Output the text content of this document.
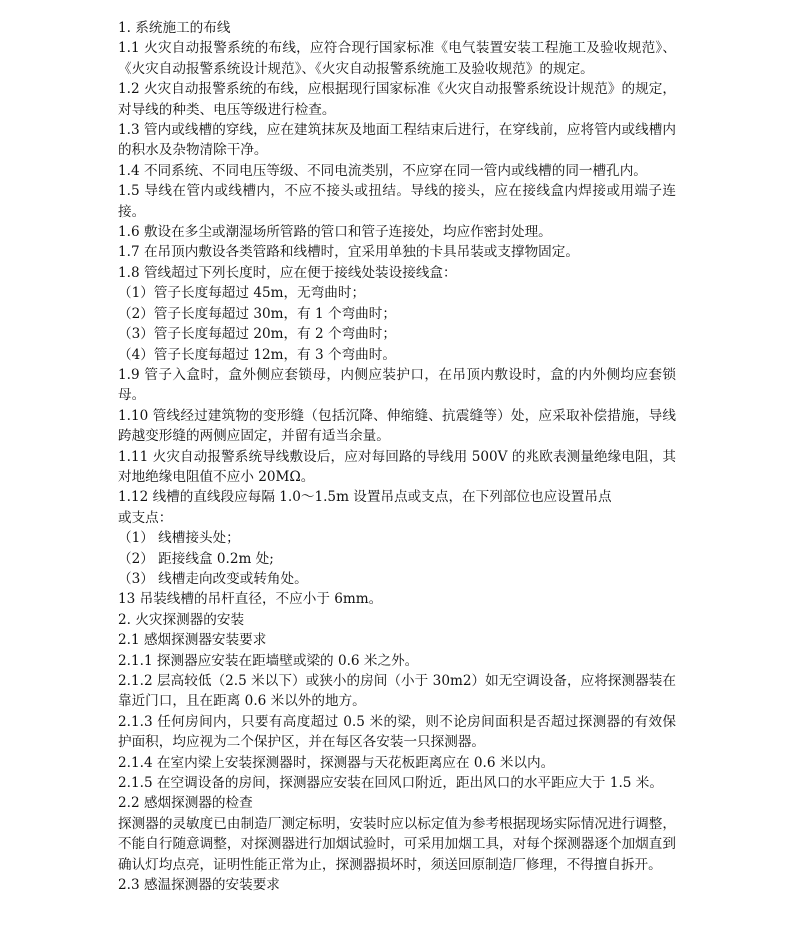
1. 系统施工的布线

1.1 火灾自动报警系统的布线，应符合现行国家标准《电气装置安装工程施工及验收规范》、《火灾自动报警系统设计规范》、《火灾自动报警系统施工及验收规范》的规定。

1.2 火灾自动报警系统的布线，应根据现行国家标准《火灾自动报警系统设计规范》的规定，对导线的种类、电压等级进行检查。

1.3 管内或线槽的穿线，应在建筑抹灰及地面工程结束后进行，在穿线前，应将管内或线槽内的积水及杂物清除干净。

1.4 不同系统、不同电压等级、不同电流类别，不应穿在同一管内或线槽的同一槽孔内。

1.5 导线在管内或线槽内，不应不接头或扭结。导线的接头，应在接线盒内焊接或用端子连接。

1.6 敷设在多尘或潮湿场所管路的管口和管子连接处，均应作密封处理。

1.7 在吊顶内敷设各类管路和线槽时，宜采用单独的卡具吊装或支撑物固定。

1.8 管线超过下列长度时，应在便于接线处装设接线盒：

（1）管子长度每超过 45m，无弯曲时；

（2）管子长度每超过 30m，有 1 个弯曲时；

（3）管子长度每超过 20m，有 2 个弯曲时；

（4）管子长度每超过 12m，有 3 个弯曲时。

1.9 管子入盒时，盒外侧应套锁母，内侧应装护口，在吊顶内敷设时，盒的内外侧均应套锁母。

1.10 管线经过建筑物的变形缝（包括沉降、伸缩缝、抗震缝等）处，应采取补偿措施，导线跨越变形缝的两侧应固定，并留有适当余量。

1.11 火灾自动报警系统导线敷设后，应对每回路的导线用 500V 的兆欧表测量绝缘电阻，其对地绝缘电阻值不应小 20MΩ。

1.12 线槽的直线段应每隔 1.0～1.5m 设置吊点或支点，在下列部位也应设置吊点

或支点：

（1） 线槽接头处；

（2） 距接线盒 0.2m 处;

（3） 线槽走向改变或转角处。

13 吊装线槽的吊杆直径，不应小于 6mm。

2. 火灾探测器的安装

2.1 感烟探测器安装要求

2.1.1 探测器应安装在距墙壁或梁的 0.6 米之外。

2.1.2 层高较低（2.5 米以下）或狭小的房间（小于 30m2）如无空调设备，应将探测器装在靠近门口，且在距离 0.6 米以外的地方。

2.1.3 任何房间内，只要有高度超过 0.5 米的梁，则不论房间面积是否超过探测器的有效保护面积，均应视为二个保护区，并在每区各安装一只探测器。

2.1.4 在室内梁上安装探测器时，探测器与天花板距离应在 0.6 米以内。

2.1.5 在空调设备的房间，探测器应安装在回风口附近，距出风口的水平距应大于 1.5 米。

2.2 感烟探测器的检查

探测器的灵敏度已由制造厂测定标明，安装时应以标定值为参考根据现场实际情况进行调整，不能自行随意调整，对探测器进行加烟试验时，可采用加烟工具，对每个探测器逐个加烟直到确认灯均点亮，证明性能正常为止，探测器损坏时，须送回原制造厂修理，不得擅自拆开。

2.3 感温探测器的安装要求
